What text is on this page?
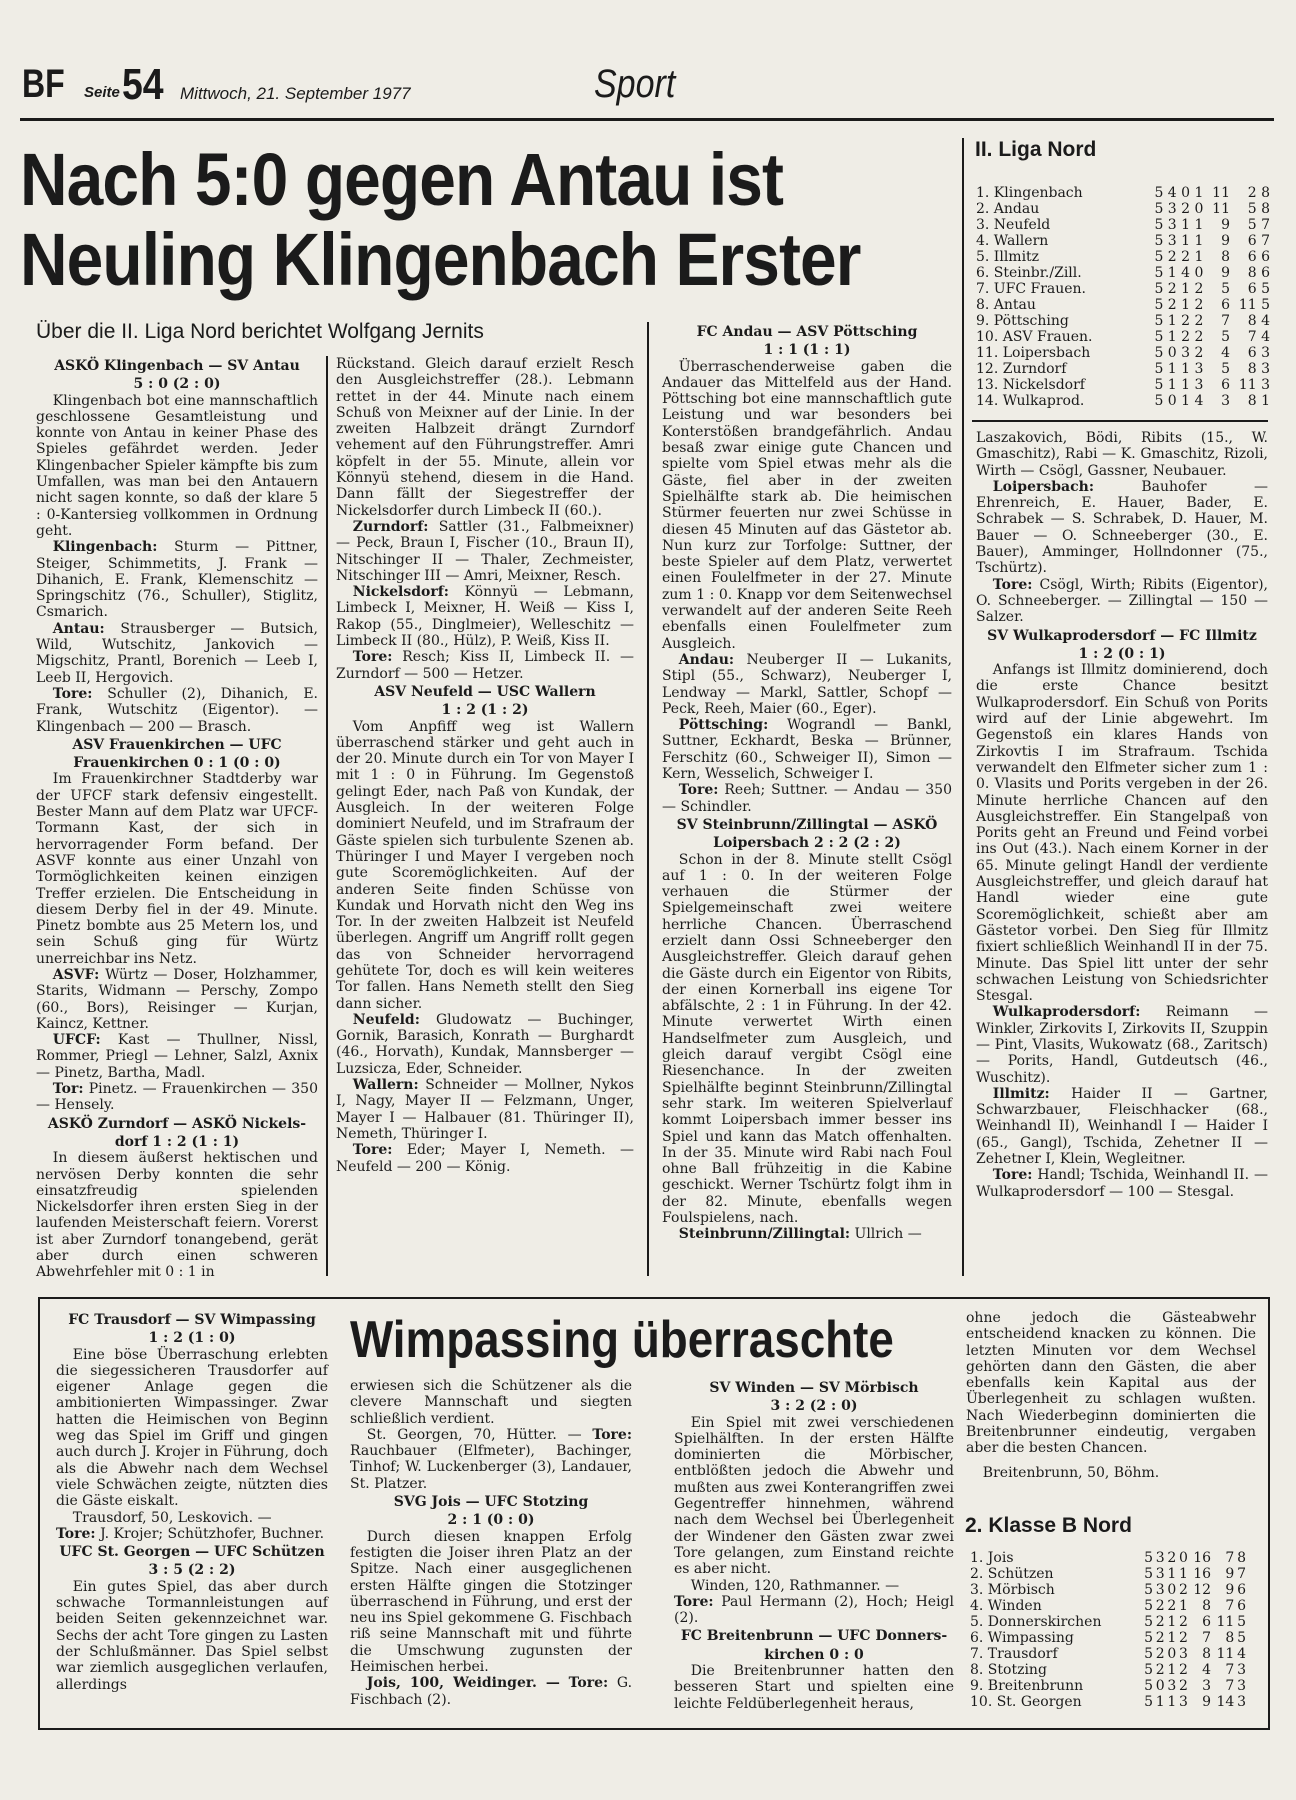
BF Seite 54 Mittwoch, 21. September 1977	Sport
Nach 5:0 gegen Antau ist
Neuling Klingenbach Erster
Über die II. Liga Nord berichtet Wolfgang Jernits

ASKÖ Klingenbach — SV Antau

5 : 0 (2 : 0)

Klingenbach bot eine mannschaftlich geschlossene Gesamtleistung und konnte von Antau in keiner Phase des Spieles gefährdet werden. Jeder Klingenbacher Spieler kämpfte bis zum Umfallen, was man bei den Antauern nicht sagen konnte, so daß der klare 5 : 0-Kantersieg vollkommen in Ordnung geht.

Klingenbach: Sturm — Pittner, Steiger, Schimmetits, J. Frank — Dihanich, E. Frank, Klemenschitz — Springschitz (76., Schuller), Stiglitz, Csmarich.

Antau: Strausberger — Butsich, Wild, Wutschitz, Jankovich — Migschitz, Prantl, Borenich — Leeb I, Leeb II, Hergovich.

Tore: Schuller (2), Dihanich, E. Frank, Wutschitz (Eigentor). — Klingenbach — 200 — Brasch.

ASV Frauenkirchen — UFC

Frauenkirchen 0 : 1 (0 : 0)

Im Frauenkirchner Stadtderby war der UFCF stark defensiv eingestellt. Bester Mann auf dem Platz war UFCF-Tormann Kast, der sich in hervorragender Form befand. Der ASVF konnte aus einer Unzahl von Tormöglichkeiten keinen einzigen Treffer erzielen. Die Entscheidung in diesem Derby fiel in der 49. Minute. Pinetz bombte aus 25 Metern los, und sein Schuß ging für Würtz unerreichbar ins Netz.

ASVF: Würtz — Doser, Holzhammer, Starits, Widmann — Perschy, Zompo (60., Bors), Reisinger — Kurjan, Kaincz, Kettner.

UFCF: Kast — Thullner, Nissl, Rommer, Priegl — Lehner, Salzl, Axnix — Pinetz, Bartha, Madl.

Tor: Pinetz. — Frauenkirchen — 350 — Hensely.

ASKÖ Zurndorf — ASKÖ Nickels-

dorf 1 : 2 (1 : 1)

In diesem äußerst hektischen und nervösen Derby konnten die sehr einsatzfreudig spielenden Nickelsdorfer ihren ersten Sieg in der laufenden Meisterschaft feiern. Vorerst ist aber Zurndorf tonangebend, gerät aber durch einen schweren Abwehrfehler mit 0 : 1 in

Rückstand. Gleich darauf erzielt Resch den Ausgleichstreffer (28.). Lebmann rettet in der 44. Minute nach einem Schuß von Meixner auf der Linie. In der zweiten Halbzeit drängt Zurndorf vehement auf den Führungstreffer. Amri köpfelt in der 55. Minute, allein vor Könnyü stehend, diesem in die Hand. Dann fällt der Siegestreffer der Nickelsdorfer durch Limbeck II (60.).

Zurndorf: Sattler (31., Falbmeixner) — Peck, Braun I, Fischer (10., Braun II), Nitschinger II — Thaler, Zechmeister, Nitschinger III — Amri, Meixner, Resch.

Nickelsdorf: Könnyü — Lebmann, Limbeck I, Meixner, H. Weiß — Kiss I, Rakop (55., Dinglmeier), Welleschitz — Limbeck II (80., Hülz), P. Weiß, Kiss II.

Tore: Resch; Kiss II, Limbeck II. — Zurndorf — 500 — Hetzer.

ASV Neufeld — USC Wallern

1 : 2 (1 : 2)

Vom Anpfiff weg ist Wallern überraschend stärker und geht auch in der 20. Minute durch ein Tor von Mayer I mit 1 : 0 in Führung. Im Gegenstoß gelingt Eder, nach Paß von Kundak, der Ausgleich. In der weiteren Folge dominiert Neufeld, und im Strafraum der Gäste spielen sich turbulente Szenen ab. Thüringer I und Mayer I vergeben noch gute Scoremöglichkeiten. Auf der anderen Seite finden Schüsse von Kundak und Horvath nicht den Weg ins Tor. In der zweiten Halbzeit ist Neufeld überlegen. Angriff um Angriff rollt gegen das von Schneider hervorragend gehütete Tor, doch es will kein weiteres Tor fallen. Hans Nemeth stellt den Sieg dann sicher.

Neufeld: Gludowatz — Buchinger, Gornik, Barasich, Konrath — Burghardt (46., Horvath), Kundak, Mannsberger — Luzsicza, Eder, Schneider.

Wallern: Schneider — Mollner, Nykos I, Nagy, Mayer II — Felzmann, Unger, Mayer I — Halbauer (81. Thüringer II), Nemeth, Thüringer I.

Tore: Eder; Mayer I, Nemeth. — Neufeld — 200 — König.

FC Andau — ASV Pöttsching

1 : 1 (1 : 1)

Überraschenderweise gaben die Andauer das Mittelfeld aus der Hand. Pöttsching bot eine mannschaftlich gute Leistung und war besonders bei Konterstößen brandgefährlich. Andau besaß zwar einige gute Chancen und spielte vom Spiel etwas mehr als die Gäste, fiel aber in der zweiten Spielhälfte stark ab. Die heimischen Stürmer feuerten nur zwei Schüsse in diesen 45 Minuten auf das Gästetor ab. Nun kurz zur Torfolge: Suttner, der beste Spieler auf dem Platz, verwertet einen Foulelfmeter in der 27. Minute zum 1 : 0. Knapp vor dem Seitenwechsel verwandelt auf der anderen Seite Reeh ebenfalls einen Foulelfmeter zum Ausgleich.

Andau: Neuberger II — Lukanits, Stipl (55., Schwarz), Neuberger I, Lendway — Markl, Sattler, Schopf — Peck, Reeh, Maier (60., Eger).

Pöttsching: Wograndl — Bankl, Suttner, Eckhardt, Beska — Brünner, Ferschitz (60., Schweiger II), Simon — Kern, Wesselich, Schweiger I.

Tore: Reeh; Suttner. — Andau — 350 — Schindler.

SV Steinbrunn/Zillingtal — ASKÖ

Loipersbach 2 : 2 (2 : 2)

Schon in der 8. Minute stellt Csögl auf 1 : 0. In der weiteren Folge verhauen die Stürmer der Spielgemeinschaft zwei weitere herrliche Chancen. Überraschend erzielt dann Ossi Schneeberger den Ausgleichstreffer. Gleich darauf gehen die Gäste durch ein Eigentor von Ribits, der einen Kornerball ins eigene Tor abfälschte, 2 : 1 in Führung. In der 42. Minute verwertet Wirth einen Handselfmeter zum Ausgleich, und gleich darauf vergibt Csögl eine Riesenchance. In der zweiten Spielhälfte beginnt Steinbrunn/Zillingtal sehr stark. Im weiteren Spielverlauf kommt Loipersbach immer besser ins Spiel und kann das Match offenhalten. In der 35. Minute wird Rabi nach Foul ohne Ball frühzeitig in die Kabine geschickt. Werner Tschürtz folgt ihm in der 82. Minute, ebenfalls wegen Foulspielens, nach.

Steinbrunn/Zillingtal: Ullrich —

II. Liga Nord
1. Klingenbach	5	4	0	1	11	2	8
2. Andau	5	3	2	0	11	5	8
3. Neufeld	5	3	1	1	9	5	7
4. Wallern	5	3	1	1	9	6	7
5. Illmitz	5	2	2	1	8	6	6
6. Steinbr./Zill.	5	1	4	0	9	8	6
7. UFC Frauen.	5	2	1	2	5	6	5
8. Antau	5	2	1	2	6	11	5
9. Pöttsching	5	1	2	2	7	8	4
10. ASV Frauen.	5	1	2	2	5	7	4
11. Loipersbach	5	0	3	2	4	6	3
12. Zurndorf	5	1	1	3	5	8	3
13. Nickelsdorf	5	1	1	3	6	11	3
14. Wulkaprod.	5	0	1	4	3	8	1

Laszakovich, Bödi, Ribits (15., W. Gmaschitz), Rabi — K. Gmaschitz, Rizoli, Wirth — Csögl, Gassner, Neubauer.

Loipersbach:	Bauhofer — Ehrenreich, E. Hauer, Bader, E. Schrabek — S. Schrabek, D. Hauer, M. Bauer — O. Schneeberger (30., E. Bauer), Amminger, Hollndonner (75., Tschürtz).

Tore: Csögl, Wirth; Ribits (Eigentor), O. Schneeberger. — Zillingtal — 150 — Salzer.

SV Wulkaprodersdorf — FC Illmitz

1 : 2 (0 : 1)

Anfangs ist Illmitz dominierend, doch die erste Chance besitzt Wulkaprodersdorf. Ein Schuß von Porits wird auf der Linie abgewehrt. Im Gegenstoß ein klares Hands von Zirkovtis I im Strafraum. Tschida verwandelt den Elfmeter sicher zum 1 : 0. Vlasits und Porits vergeben in der 26. Minute herrliche Chancen auf den Ausgleichstreffer. Ein Stangelpaß von Porits geht an Freund und Feind vorbei ins Out (43.). Nach einem Korner in der 65. Minute gelingt Handl der verdiente Ausgleichstreffer, und gleich darauf hat Handl wieder eine gute Scoremöglichkeit, schießt aber am Gästetor vorbei. Den Sieg für Illmitz fixiert schließlich Weinhandl II in der 75. Minute. Das Spiel litt unter der sehr schwachen Leistung von Schiedsrichter Stesgal.

Wulkaprodersdorf: Reimann — Winkler, Zirkovits I, Zirkovits II, Szuppin — Pint, Vlasits, Wukowatz (68., Zaritsch) — Porits, Handl, Gutdeutsch (46., Wuschitz).

Illmitz: Haider II — Gartner, Schwarzbauer, Fleischhacker (68., Weinhandl II), Weinhandl I — Haider I (65., Gangl), Tschida, Zehetner II — Zehetner I, Klein, Wegleitner.

Tore: Handl; Tschida, Weinhandl II. — Wulkaprodersdorf — 100 — Stesgal.

Wimpassing überraschte

FC Trausdorf — SV Wimpassing

1 : 2 (1 : 0)

Eine böse Überraschung erlebten die siegessicheren Trausdorfer auf eigener Anlage gegen die ambitionierten Wimpassinger. Zwar hatten die Heimischen von Beginn weg das Spiel im Griff und gingen auch durch J. Krojer in Führung, doch als die Abwehr nach dem Wechsel viele Schwächen zeigte, nützten dies die Gäste eiskalt.

Trausdorf, 50, Leskovich. —
Tore: J. Krojer; Schützhofer, Buchner.

UFC St. Georgen — UFC Schützen

3 : 5 (2 : 2)

Ein gutes Spiel, das aber durch schwache Tormannleistungen auf beiden Seiten gekennzeichnet war. Sechs der acht Tore gingen zu Lasten der Schlußmänner. Das Spiel selbst war ziemlich ausgeglichen verlaufen, allerdings

erwiesen sich die Schützener als die clevere Mannschaft und siegten schließlich verdient.

St. Georgen, 70, Hütter. — Tore: Rauchbauer (Elfmeter), Bachinger, Tinhof; W. Luckenberger (3), Landauer, St. Platzer.

SVG Jois — UFC Stotzing

2 : 1 (0 : 0)

Durch diesen knappen Erfolg festigten die Joiser ihren Platz an der Spitze. Nach einer ausgeglichenen ersten Hälfte gingen die Stotzinger überraschend in Führung, und erst der neu ins Spiel gekommene G. Fischbach riß seine Mannschaft mit und führte die Umschwung zugunsten der Heimischen herbei.

Jois, 100, Weidinger. — Tore: G. Fischbach (2).

SV Winden — SV Mörbisch

3 : 2 (2 : 0)

Ein Spiel mit zwei verschiedenen Spielhälften. In der ersten Hälfte dominierten die Mörbischer, entblößten jedoch die Abwehr und mußten aus zwei Konterangriffen zwei Gegentreffer hinnehmen, während nach dem Wechsel bei Überlegenheit der Windener den Gästen zwar zwei Tore gelangen, zum Einstand reichte es aber nicht.

Winden, 120, Rathmanner. —
Tore: Paul Hermann (2), Hoch; Heigl (2).

FC Breitenbrunn — UFC Donners-

kirchen 0 : 0

Die Breitenbrunner hatten den besseren Start und spielten eine leichte Feldüberlegenheit heraus,

ohne jedoch die Gästeabwehr entscheidend knacken zu können. Die letzten Minuten vor dem Wechsel gehörten dann den Gästen, die aber ebenfalls kein Kapital aus der Überlegenheit zu schlagen wußten. Nach Wiederbeginn dominierten die Breitenbrunner eindeutig, vergaben aber die besten Chancen.

Breitenbrunn, 50, Böhm.

2. Klasse B Nord
1. Jois	5	3	2	0	16	7	8
2. Schützen	5	3	1	1	16	9	7
3. Mörbisch	5	3	0	2	12	9	6
4. Winden	5	2	2	1	8	7	6
5. Donnerskirchen	5	2	1	2	6	11	5
6. Wimpassing	5	2	1	2	7	8	5
7. Trausdorf	5	2	0	3	8	11	4
8. Stotzing	5	2	1	2	4	7	3
9. Breitenbrunn	5	0	3	2	3	7	3
10. St. Georgen	5	1	1	3	9	14	3
